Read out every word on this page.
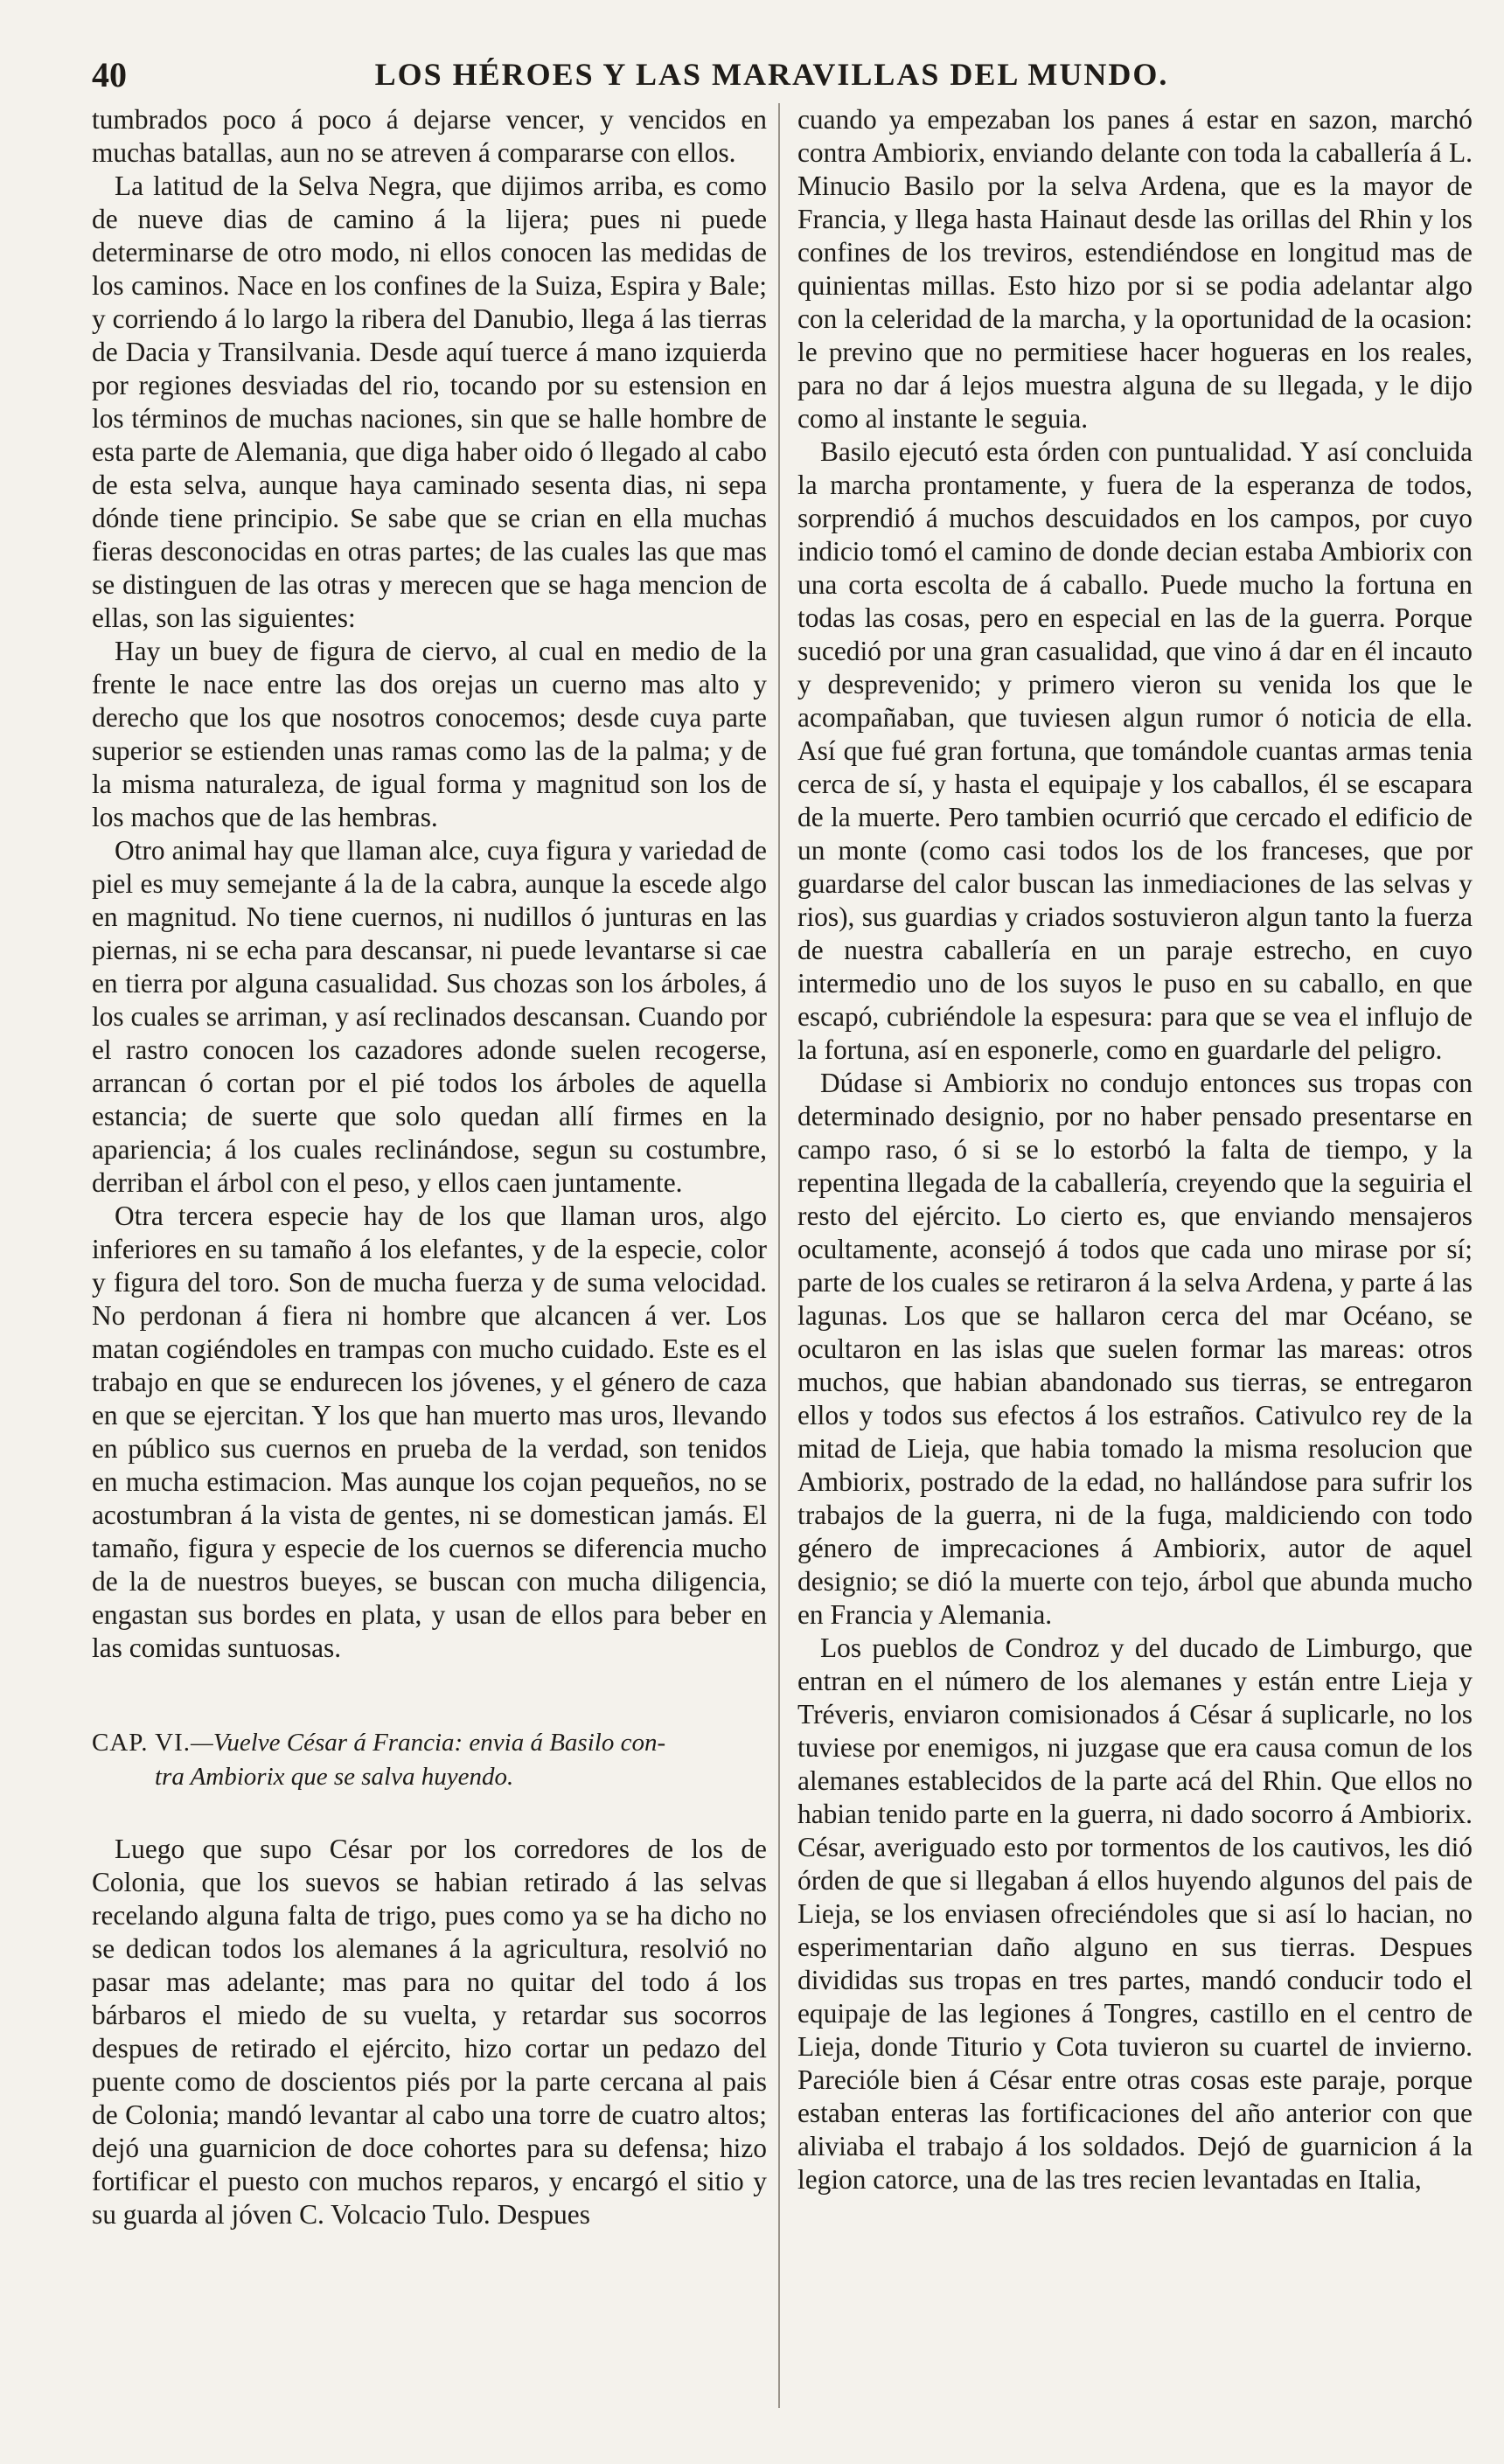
40	LOS HÉROES Y LAS MARAVILLAS DEL MUNDO.

tumbrados poco á poco á dejarse vencer, y vencidos en muchas batallas, aun no se atreven á compararse con ellos.

La latitud de la Selva Negra, que dijimos arriba, es como de nueve dias de camino á la lijera; pues ni puede determinarse de otro modo, ni ellos conocen las medidas de los caminos. Nace en los confines de la Suiza, Espira y Bale; y corriendo á lo largo la ribera del Danubio, llega á las tierras de Dacia y Transilvania. Desde aquí tuerce á mano izquierda por regiones desviadas del rio, tocando por su estension en los términos de muchas naciones, sin que se halle hombre de esta parte de Alemania, que diga haber oido ó llegado al cabo de esta selva, aunque haya caminado sesenta dias, ni sepa dónde tiene principio. Se sabe que se crian en ella muchas fieras desconocidas en otras partes; de las cuales las que mas se distinguen de las otras y merecen que se haga mencion de ellas, son las siguientes:

Hay un buey de figura de ciervo, al cual en medio de la frente le nace entre las dos orejas un cuerno mas alto y derecho que los que nosotros conocemos; desde cuya parte superior se estienden unas ramas como las de la palma; y de la misma naturaleza, de igual forma y magnitud son los de los machos que de las hembras.

Otro animal hay que llaman alce, cuya figura y variedad de piel es muy semejante á la de la cabra, aunque la escede algo en magnitud. No tiene cuernos, ni nudillos ó junturas en las piernas, ni se echa para descansar, ni puede levantarse si cae en tierra por alguna casualidad. Sus chozas son los árboles, á los cuales se arriman, y así reclinados descansan. Cuando por el rastro conocen los cazadores adonde suelen recogerse, arrancan ó cortan por el pié todos los árboles de aquella estancia; de suerte que solo quedan allí firmes en la apariencia; á los cuales reclinándose, segun su costumbre, derriban el árbol con el peso, y ellos caen juntamente.

Otra tercera especie hay de los que llaman uros, algo inferiores en su tamaño á los elefantes, y de la especie, color y figura del toro. Son de mucha fuerza y de suma velocidad. No perdonan á fiera ni hombre que alcancen á ver. Los matan cogiéndoles en trampas con mucho cuidado. Este es el trabajo en que se endurecen los jóvenes, y el género de caza en que se ejercitan. Y los que han muerto mas uros, llevando en público sus cuernos en prueba de la verdad, son tenidos en mucha estimacion. Mas aunque los cojan pequeños, no se acostumbran á la vista de gentes, ni se domestican jamás. El tamaño, figura y especie de los cuernos se diferencia mucho de la de nuestros bueyes, se buscan con mucha diligencia, engastan sus bordes en plata, y usan de ellos para beber en las comidas suntuosas.

CAP. VI.—Vuelve César á Francia: envia á Basilo con-
tra Ambiorix que se salva huyendo.

Luego que supo César por los corredores de los de Colonia, que los suevos se habian retirado á las selvas recelando alguna falta de trigo, pues como ya se ha dicho no se dedican todos los alemanes á la agricultura, resolvió no pasar mas adelante; mas para no quitar del todo á los bárbaros el miedo de su vuelta, y retardar sus socorros despues de retirado el ejército, hizo cortar un pedazo del puente como de doscientos piés por la parte cercana al pais de Colonia; mandó levantar al cabo una torre de cuatro altos; dejó una guarnicion de doce cohortes para su defensa; hizo fortificar el puesto con muchos reparos, y encargó el sitio y su guarda al jóven C. Volcacio Tulo. Despues

cuando ya empezaban los panes á estar en sazon, marchó contra Ambiorix, enviando delante con toda la caballería á L. Minucio Basilo por la selva Ardena, que es la mayor de Francia, y llega hasta Hainaut desde las orillas del Rhin y los confines de los treviros, estendiéndose en longitud mas de quinientas millas. Esto hizo por si se podia adelantar algo con la celeridad de la marcha, y la oportunidad de la ocasion: le previno que no permitiese hacer hogueras en los reales, para no dar á lejos muestra alguna de su llegada, y le dijo como al instante le seguia.

Basilo ejecutó esta órden con puntualidad. Y así concluida la marcha prontamente, y fuera de la esperanza de todos, sorprendió á muchos descuidados en los campos, por cuyo indicio tomó el camino de donde decian estaba Ambiorix con una corta escolta de á caballo. Puede mucho la fortuna en todas las cosas, pero en especial en las de la guerra. Porque sucedió por una gran casualidad, que vino á dar en él incauto y desprevenido; y primero vieron su venida los que le acompañaban, que tuviesen algun rumor ó noticia de ella. Así que fué gran fortuna, que tomándole cuantas armas tenia cerca de sí, y hasta el equipaje y los caballos, él se escapara de la muerte. Pero tambien ocurrió que cercado el edificio de un monte (como casi todos los de los franceses, que por guardarse del calor buscan las inmediaciones de las selvas y rios), sus guardias y criados sostuvieron algun tanto la fuerza de nuestra caballería en un paraje estrecho, en cuyo intermedio uno de los suyos le puso en su caballo, en que escapó, cubriéndole la espesura: para que se vea el influjo de la fortuna, así en esponerle, como en guardarle del peligro.

Dúdase si Ambiorix no condujo entonces sus tropas con determinado designio, por no haber pensado presentarse en campo raso, ó si se lo estorbó la falta de tiempo, y la repentina llegada de la caballería, creyendo que la seguiria el resto del ejército. Lo cierto es, que enviando mensajeros ocultamente, aconsejó á todos que cada uno mirase por sí; parte de los cuales se retiraron á la selva Ardena, y parte á las lagunas. Los que se hallaron cerca del mar Océano, se ocultaron en las islas que suelen formar las mareas: otros muchos, que habian abandonado sus tierras, se entregaron ellos y todos sus efectos á los estraños. Cativulco rey de la mitad de Lieja, que habia tomado la misma resolucion que Ambiorix, postrado de la edad, no hallándose para sufrir los trabajos de la guerra, ni de la fuga, maldiciendo con todo género de imprecaciones á Ambiorix, autor de aquel designio; se dió la muerte con tejo, árbol que abunda mucho en Francia y Alemania.

Los pueblos de Condroz y del ducado de Limburgo, que entran en el número de los alemanes y están entre Lieja y Tréveris, enviaron comisionados á César á suplicarle, no los tuviese por enemigos, ni juzgase que era causa comun de los alemanes establecidos de la parte acá del Rhin. Que ellos no habian tenido parte en la guerra, ni dado socorro á Ambiorix. César, averiguado esto por tormentos de los cautivos, les dió órden de que si llegaban á ellos huyendo algunos del pais de Lieja, se los enviasen ofreciéndoles que si así lo hacian, no esperimentarian daño alguno en sus tierras. Despues divididas sus tropas en tres partes, mandó conducir todo el equipaje de las legiones á Tongres, castillo en el centro de Lieja, donde Titurio y Cota tuvieron su cuartel de invierno. Parecióle bien á César entre otras cosas este paraje, porque estaban enteras las fortificaciones del año anterior con que aliviaba el trabajo á los soldados. Dejó de guarnicion á la legion catorce, una de las tres recien levantadas en Italia,
